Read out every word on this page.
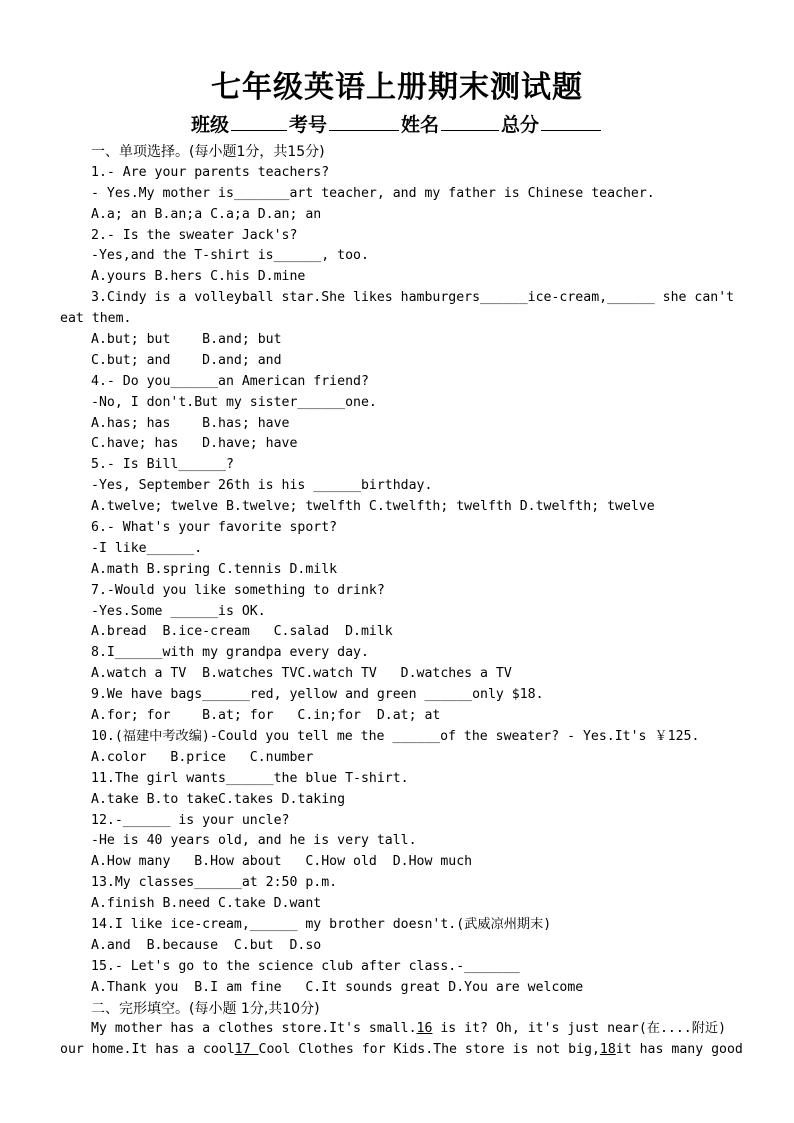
七年级英语上册期末测试题
班级	考号	姓名	总分
一、单项选择。(每小题1分，共15分)
1.- Are your parents teachers?
- Yes.My mother is_______art teacher, and my father is Chinese teacher.
A.a; an B.an;a C.a;a D.an; an
2.- Is the sweater Jack's?
-Yes,and the T-shirt is______, too.
A.yours B.hers C.his D.mine
3.Cindy is a volleyball star.She likes hamburgers______ice-cream,______ she can't
eat them.
A.but; but    B.and; but
C.but; and    D.and; and
4.- Do you______an American friend?
-No, I don't.But my sister______one.
A.has; has    B.has; have
C.have; has   D.have; have
5.- Is Bill______?
-Yes, September 26th is his ______birthday.
A.twelve; twelve B.twelve; twelfth C.twelfth; twelfth D.twelfth; twelve
6.- What's your favorite sport?
-I like______.
A.math B.spring C.tennis D.milk
7.-Would you like something to drink?
-Yes.Some ______is OK.
A.bread  B.ice-cream   C.salad  D.milk
8.I______with my grandpa every day.
A.watch a TV  B.watches TVC.watch TV   D.watches a TV
9.We have bags______red, yellow and green ______only $18.
A.for; for    B.at; for   C.in;for  D.at; at
10.(福建中考改编)-Could you tell me the ______of the sweater? - Yes.It's ￥125.
A.color   B.price   C.number
11.The girl wants______the blue T-shirt.
A.take B.to takeC.takes D.taking
12.-______ is your uncle?
-He is 40 years old, and he is very tall.
A.How many   B.How about   C.How old  D.How much
13.My classes______at 2:50 p.m.
A.finish B.need C.take D.want
14.I like ice-cream,______ my brother doesn't.(武威凉州期末)
A.and  B.because  C.but  D.so
15.- Let's go to the science club after class.-_______
A.Thank you  B.I am fine   C.It sounds great D.You are welcome
二、完形填空。(每小题 1分,共10分)
My mother has a clothes store.It's small.16 is it? Oh, it's just near(在....附近)
our home.It has a cool17 Cool Clothes for Kids.The store is not big,18it has many good
